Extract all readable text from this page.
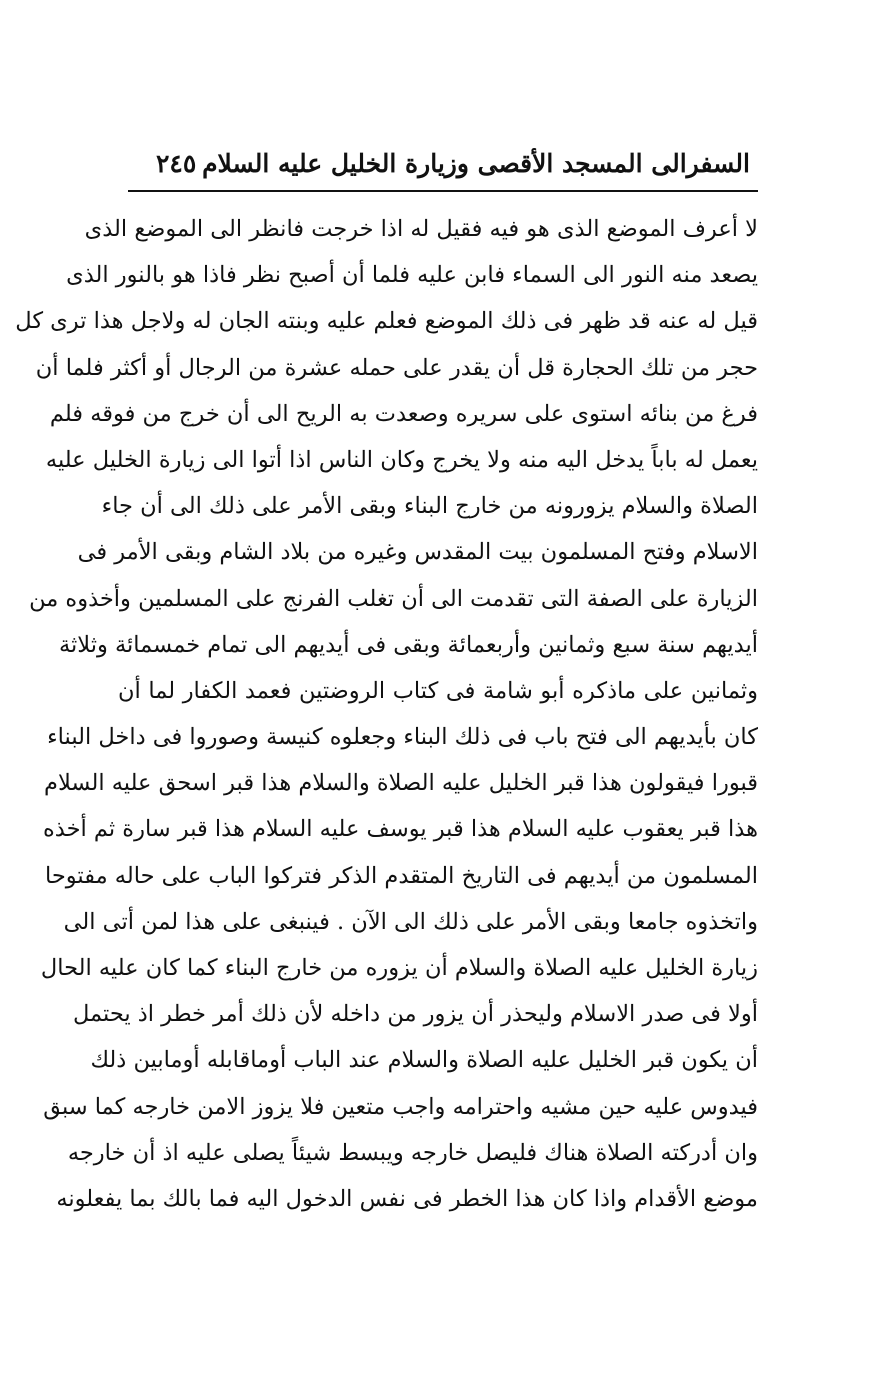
السفرالى المسجد الأقصى وزيارة الخليل عليه السلام
٢٤٥
لا أعرف الموضع الذى هو فيه فقيل له اذا خرجت فانظر الى الموضع الذى
يصعد منه النور الى السماء فابن عليه فلما أن أصبح نظر فاذا هو بالنور الذى
قيل له عنه قد ظهر فى ذلك الموضع فعلم عليه وبنته الجان له ولاجل هذا ترى كل
حجر من تلك الحجارة قل أن يقدر على حمله عشرة من الرجال أو أكثر فلما أن
فرغ من بنائه استوى على سريره وصعدت به الريح الى أن خرج من فوقه فلم
يعمل له باباً يدخل اليه منه ولا يخرج وكان الناس اذا أتوا الى زيارة الخليل عليه
الصلاة والسلام يزورونه من خارج البناء وبقى الأمر على ذلك الى أن جاء
الاسلام وفتح المسلمون بيت المقدس وغيره من بلاد الشام وبقى الأمر فى
الزيارة على الصفة التى تقدمت الى أن تغلب الفرنج على المسلمين وأخذوه من
أيديهم سنة سبع وثمانين وأربعمائة وبقى فى أيديهم الى تمام خمسمائة وثلاثة
وثمانين على ماذكره أبو شامة فى كتاب الروضتين فعمد الكفار لما أن
كان بأيديهم الى فتح باب فى ذلك البناء وجعلوه كنيسة وصوروا فى داخل البناء
قبورا فيقولون هذا قبر الخليل عليه الصلاة والسلام هذا قبر اسحق عليه السلام
هذا قبر يعقوب عليه السلام هذا قبر يوسف عليه السلام هذا قبر سارة ثم أخذه
المسلمون من أيديهم فى التاريخ المتقدم الذكر فتركوا الباب على حاله مفتوحا
واتخذوه جامعا وبقى الأمر على ذلك الى الآن . فينبغى على هذا لمن أتى الى
زيارة الخليل عليه الصلاة والسلام أن يزوره من خارج البناء كما كان عليه الحال
أولا فى صدر الاسلام وليحذر أن يزور من داخله لأن ذلك أمر خطر اذ يحتمل
أن يكون قبر الخليل عليه الصلاة والسلام عند الباب أوماقابله أومابين ذلك
فيدوس عليه حين مشيه واحترامه واجب متعين فلا يزوز الامن خارجه كما سبق
وان أدركته الصلاة هناك فليصل خارجه ويبسط شيئاً يصلى عليه اذ أن خارجه
موضع الأقدام واذا كان هذا الخطر فى نفس الدخول اليه فما بالك بما يفعلونه
